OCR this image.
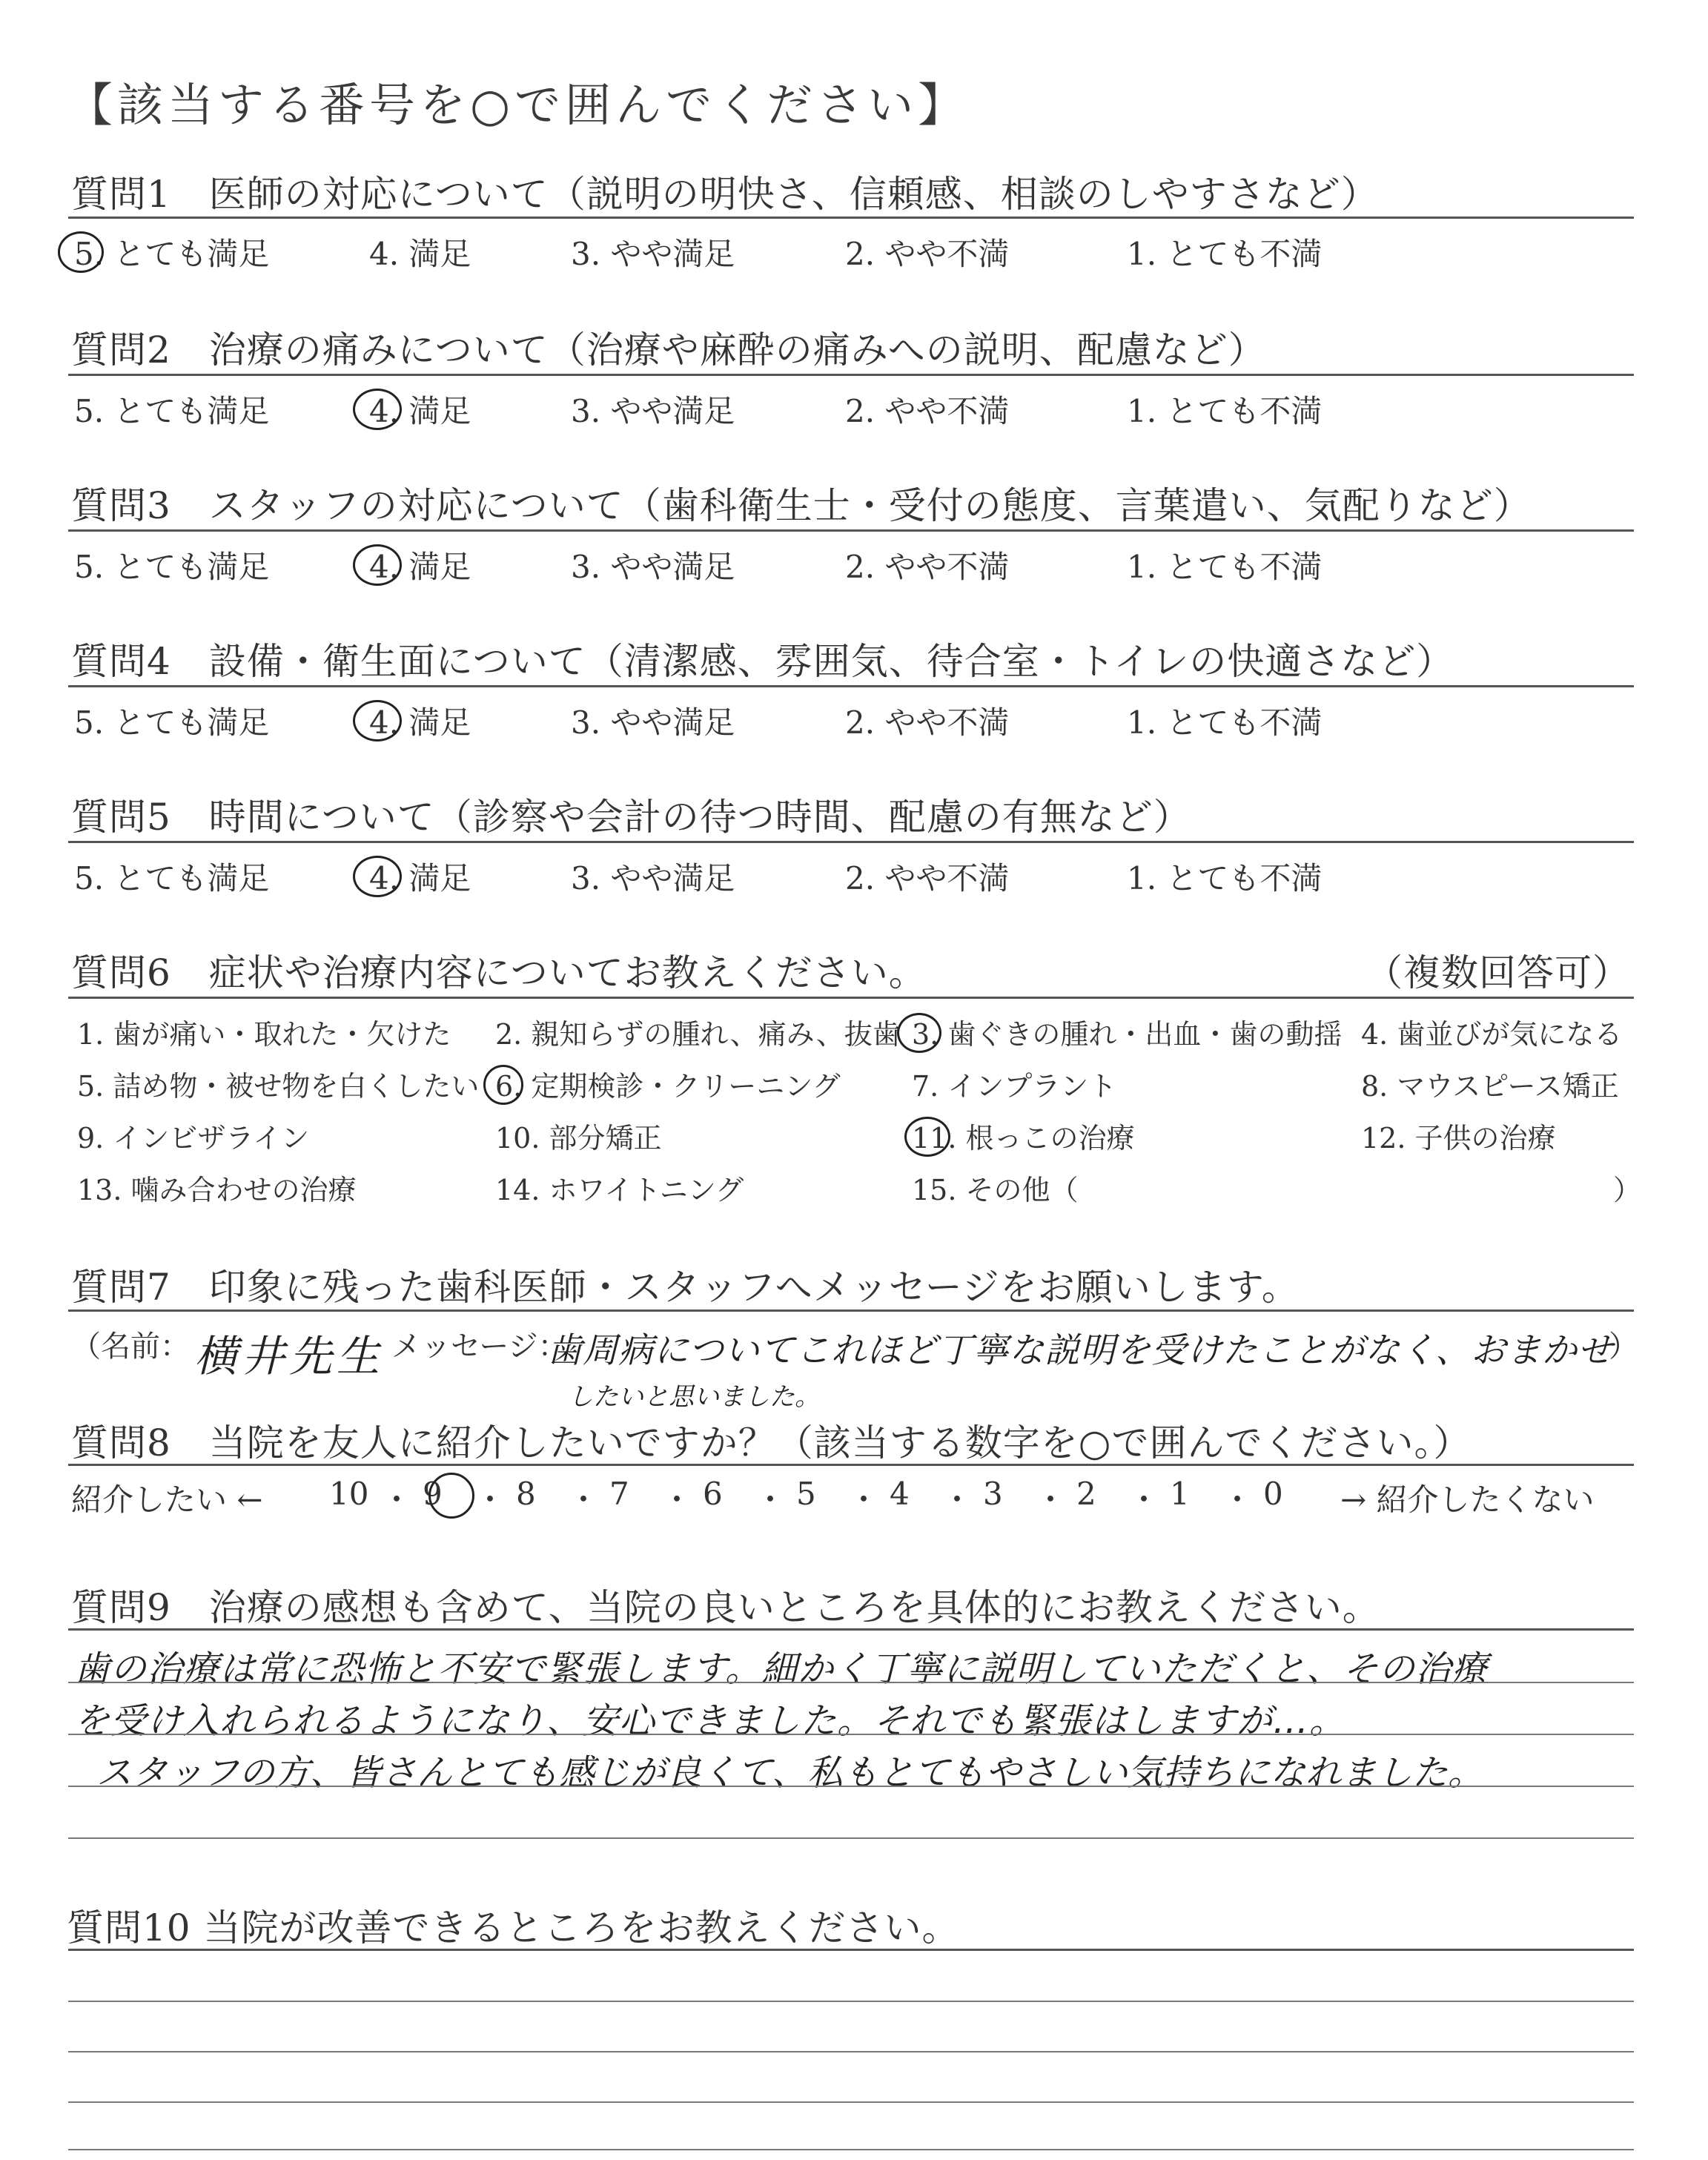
【該当する番号を○で囲んでください】
質問1　医師の対応について（説明の明快さ、信頼感、相談のしやすさなど）
5. とても満足	4. 満足	3. やや満足	2. やや不満	1. とても不満
質問2　治療の痛みについて（治療や麻酔の痛みへの説明、配慮など）
5. とても満足	4. 満足	3. やや満足	2. やや不満	1. とても不満
質問3　スタッフの対応について（歯科衛生士・受付の態度、言葉遣い、気配りなど）
5. とても満足	4. 満足	3. やや満足	2. やや不満	1. とても不満
質問4　設備・衛生面について（清潔感、雰囲気、待合室・トイレの快適さなど）
5. とても満足	4. 満足	3. やや満足	2. やや不満	1. とても不満
質問5　時間について（診察や会計の待つ時間、配慮の有無など）
5. とても満足	4. 満足	3. やや満足	2. やや不満	1. とても不満
質問6　症状や治療内容についてお教えください。	（複数回答可）
1. 歯が痛い・取れた・欠けた 2. 親知らずの腫れ、痛み、抜歯 3. 歯ぐきの腫れ・出血・歯の動揺 4. 歯並びが気になる
5. 詰め物・被せ物を白くしたい 6. 定期検診・クリーニング	7. インプラント	8. マウスピース矯正
9. インビザライン	10. 部分矯正	11. 根っこの治療	12. 子供の治療
13. 噛み合わせの治療	14. ホワイトニング	15. その他（	）
質問7　印象に残った歯科医師・スタッフへメッセージをお願いします。
（名前： 横井先生 メッセージ：
歯周病についてこれほど丁寧な説明を受けたことがなく、おまかせ
したいと思いました。
）
質問8　当院を友人に紹介したいですか？（該当する数字を○で囲んでください。）
紹介したい ← 10 ・ 9 ・ 8 ・ 7 ・ 6 ・ 5 ・ 4 ・ 3 ・ 2 ・ 1 ・ 0 → 紹介したくない
質問9　治療の感想も含めて、当院の良いところを具体的にお教えください。
歯の治療は常に恐怖と不安で緊張します。細かく丁寧に説明していただくと、その治療
を受け入れられるようになり、安心できました。それでも緊張はしますが…。
スタッフの方、皆さんとても感じが良くて、私もとてもやさしい気持ちになれました。
質問10 当院が改善できるところをお教えください。
